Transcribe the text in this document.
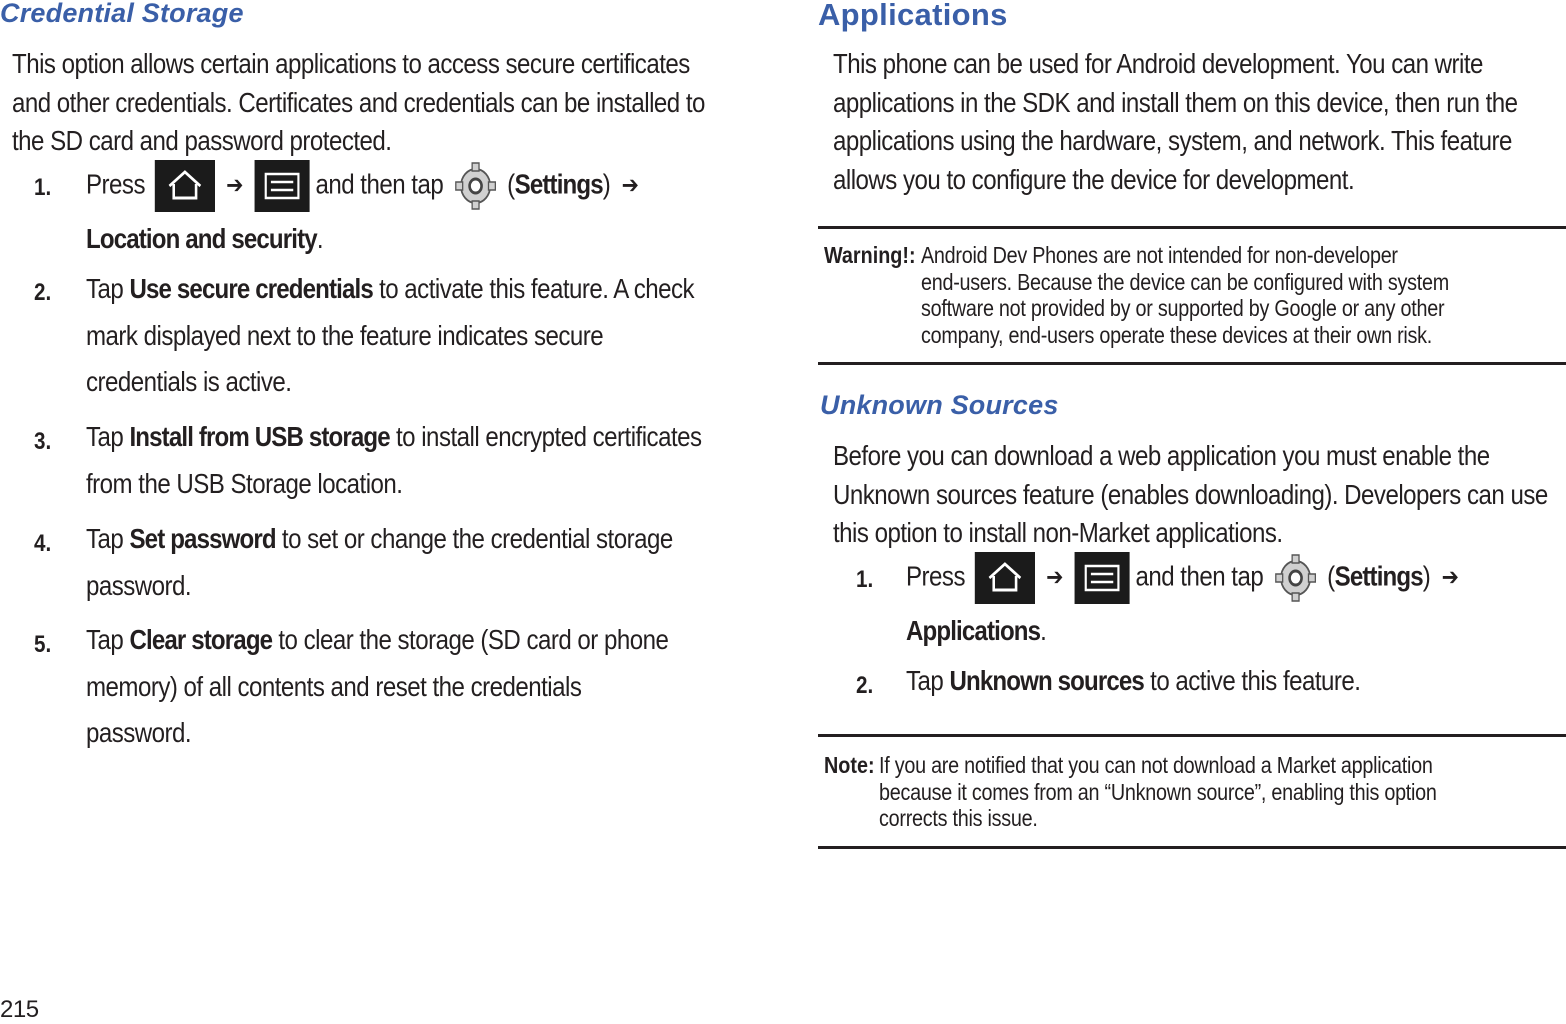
Credential Storage

This option allows certain applications to access secure certificates and other credentials. Certificates and credentials can be installed to the SD card and password protected.

1. Press	➔	and then tap (Settings) ➔
Location and security.
2. Tap Use secure credentials to activate this feature. A check
mark displayed next to the feature indicates secure
credentials is active.
3. Tap Install from USB storage to install encrypted certificates
from the USB Storage location.
4. Tap Set password to set or change the credential storage
password.
5. Tap Clear storage to clear the storage (SD card or phone
memory) of all contents and reset the credentials
password.
Applications

This phone can be used for Android development. You can write applications in the SDK and install them on this device, then run the applications using the hardware, system, and network. This feature allows you to configure the device for development.

Warning!: Android Dev Phones are not intended for non-developer
end-users. Because the device can be configured with system
software not provided by or supported by Google or any other
company, end-users operate these devices at their own risk.
Unknown Sources

Before you can download a web application you must enable the Unknown sources feature (enables downloading). Developers can use this option to install non-Market applications.

1. Press	➔	and then tap (Settings) ➔
Applications.
2. Tap Unknown sources to active this feature.
Note: If you are notified that you can not download a Market application
because it comes from an “Unknown source”, enabling this option
corrects this issue.
215
